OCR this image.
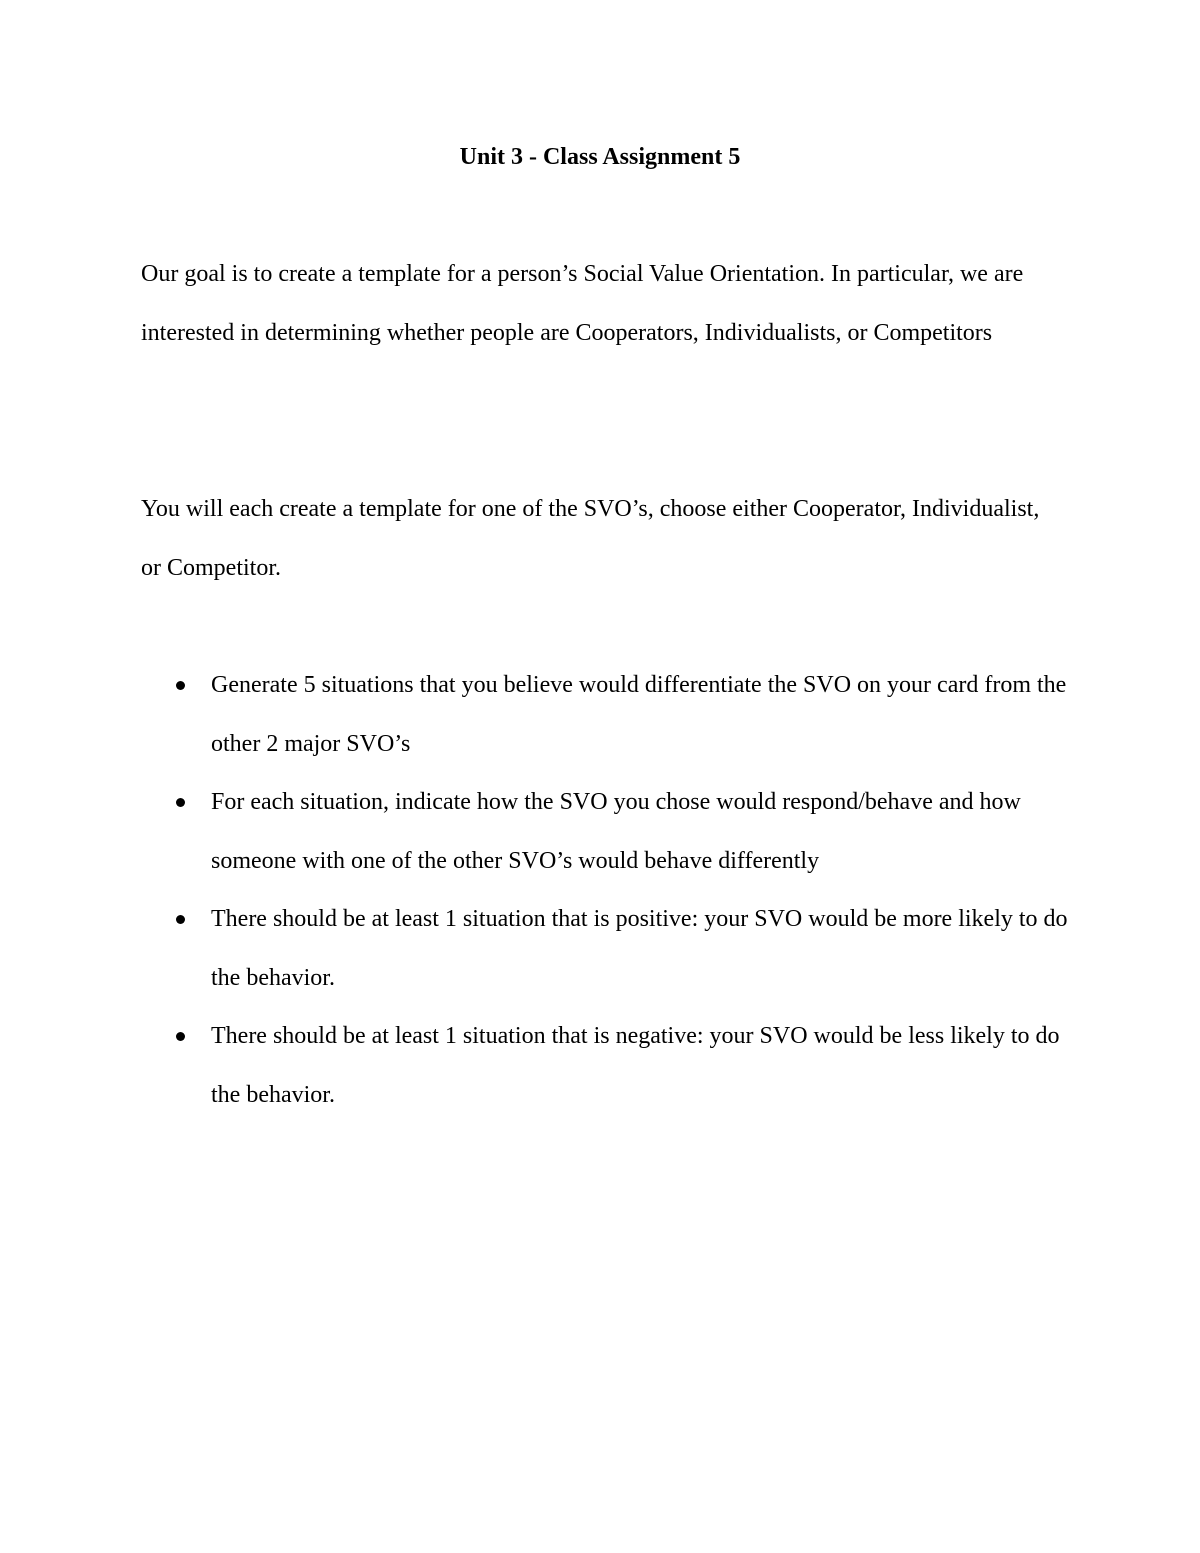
Unit 3 - Class Assignment 5

Our goal is to create a template for a person’s Social Value Orientation. In particular, we are interested in determining whether people are Cooperators, Individualists, or Competitors

You will each create a template for one of the SVO’s, choose either Cooperator, Individualist, or Competitor.

Generate 5 situations that you believe would differentiate the SVO on your card from the other 2 major SVO’s
For each situation, indicate how the SVO you chose would respond/behave and how someone with one of the other SVO’s would behave differently
There should be at least 1 situation that is positive: your SVO would be more likely to do the behavior.
There should be at least 1 situation that is negative: your SVO would be less likely to do the behavior.
